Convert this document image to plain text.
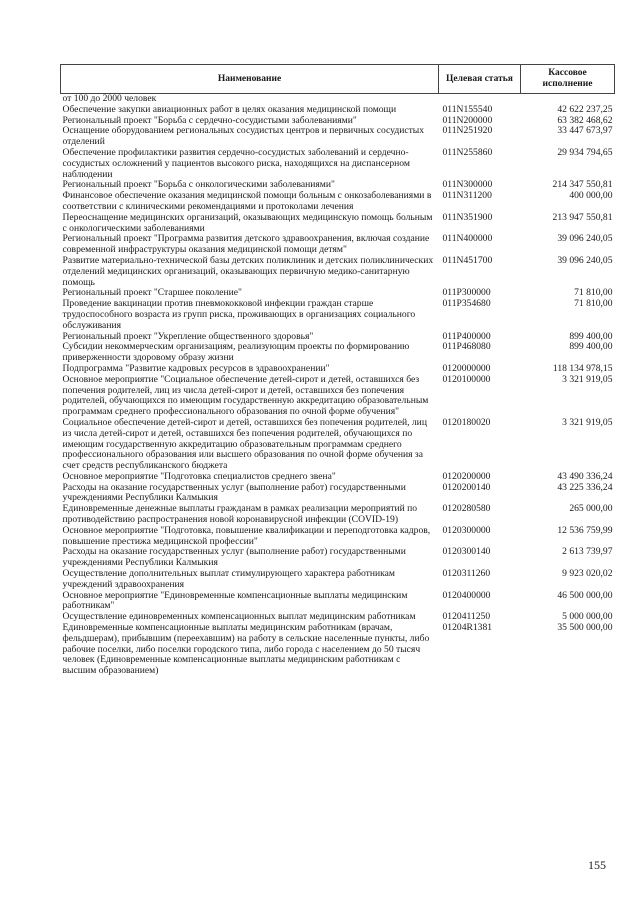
Наименование	Целевая статья	Кассовое исполнение
от 100 до 2000 человек		
Обеспечение закупки авиационных работ в целях оказания медицинской помощи	011N155540	42 622 237,25
Региональный проект "Борьба с сердечно-сосудистыми заболеваниями"	011N200000	63 382 468,62
Оснащение оборудованием региональных сосудистых центров и первичных сосудистых отделений	011N251920	33 447 673,97
Обеспечение профилактики развития сердечно-сосудистых заболеваний и сердечно-сосудистых осложнений у пациентов высокого риска, находящихся на диспансерном наблюдении	011N255860	29 934 794,65
Региональный проект "Борьба с онкологическими заболеваниями"	011N300000	214 347 550,81
Финансовое обеспечение оказания медицинской помощи больным с онкозаболеваниями в соответствии с клиническими рекомендациями и протоколами лечения	011N311200	400 000,00
Переоснащение медицинских организаций, оказывающих медицинскую помощь больным с онкологическими заболеваниями	011N351900	213 947 550,81
Региональный проект "Программа развития детского здравоохранения, включая создание современной инфраструктуры оказания медицинской помощи детям"	011N400000	39 096 240,05
Развитие материально-технической базы детских поликлиник и детских поликлинических отделений медицинских организаций, оказывающих первичную медико-санитарную помощь	011N451700	39 096 240,05
Региональный проект "Старшее поколение"	011P300000	71 810,00
Проведение вакцинации против пневмококковой инфекции граждан старше трудоспособного возраста из групп риска, проживающих в организациях социального обслуживания	011P354680	71 810,00
Региональный проект "Укрепление общественного здоровья"	011P400000	899 400,00
Субсидии некоммерческим организациям, реализующим проекты по формированию приверженности здоровому образу жизни	011P468080	899 400,00
Подпрограмма "Развитие кадровых ресурсов в здравоохранении"	0120000000	118 134 978,15
Основное мероприятие "Социальное обеспечение детей-сирот и детей, оставшихся без попечения родителей, лиц из числа детей-сирот и детей, оставшихся без попечения родителей, обучающихся по имеющим государственную аккредитацию образовательным программам среднего профессионального образования по очной форме обучения"	0120100000	3 321 919,05
Социальное обеспечение детей-сирот и детей, оставшихся без попечения родителей, лиц из числа детей-сирот и детей, оставшихся без попечения родителей, обучающихся по имеющим государственную аккредитацию образовательным программам среднего профессионального образования или высшего образования по очной форме обучения за счет средств республиканского бюджета	0120180020	3 321 919,05
Основное мероприятие "Подготовка специалистов среднего звена"	0120200000	43 490 336,24
Расходы на оказание государственных услуг (выполнение работ) государственными учреждениями Республики Калмыкия	0120200140	43 225 336,24
Единовременные денежные выплаты гражданам в рамках реализации мероприятий по противодействию распространения новой коронавирусной инфекции (COVID-19)	0120280580	265 000,00
Основное мероприятие "Подготовка, повышение квалификации и переподготовка кадров, повышение престижа медицинской профессии"	0120300000	12 536 759,99
Расходы на оказание государственных услуг (выполнение работ) государственными учреждениями Республики Калмыкия	0120300140	2 613 739,97
Осуществление дополнительных выплат стимулирующего характера работникам учреждений здравоохранения	0120311260	9 923 020,02
Основное мероприятие "Единовременные компенсационные выплаты медицинским работникам"	0120400000	46 500 000,00
Осуществление единовременных компенсационных выплат медицинским работникам	0120411250	5 000 000,00
Единовременные компенсационные выплаты медицинским работникам (врачам, фельдшерам), прибывшим (переехавшим) на работу в сельские населенные пункты, либо рабочие поселки, либо поселки городского типа, либо города с населением до 50 тысяч человек (Единовременные компенсационные выплаты медицинским работникам с высшим образованием)	01204R1381	35 500 000,00
155
